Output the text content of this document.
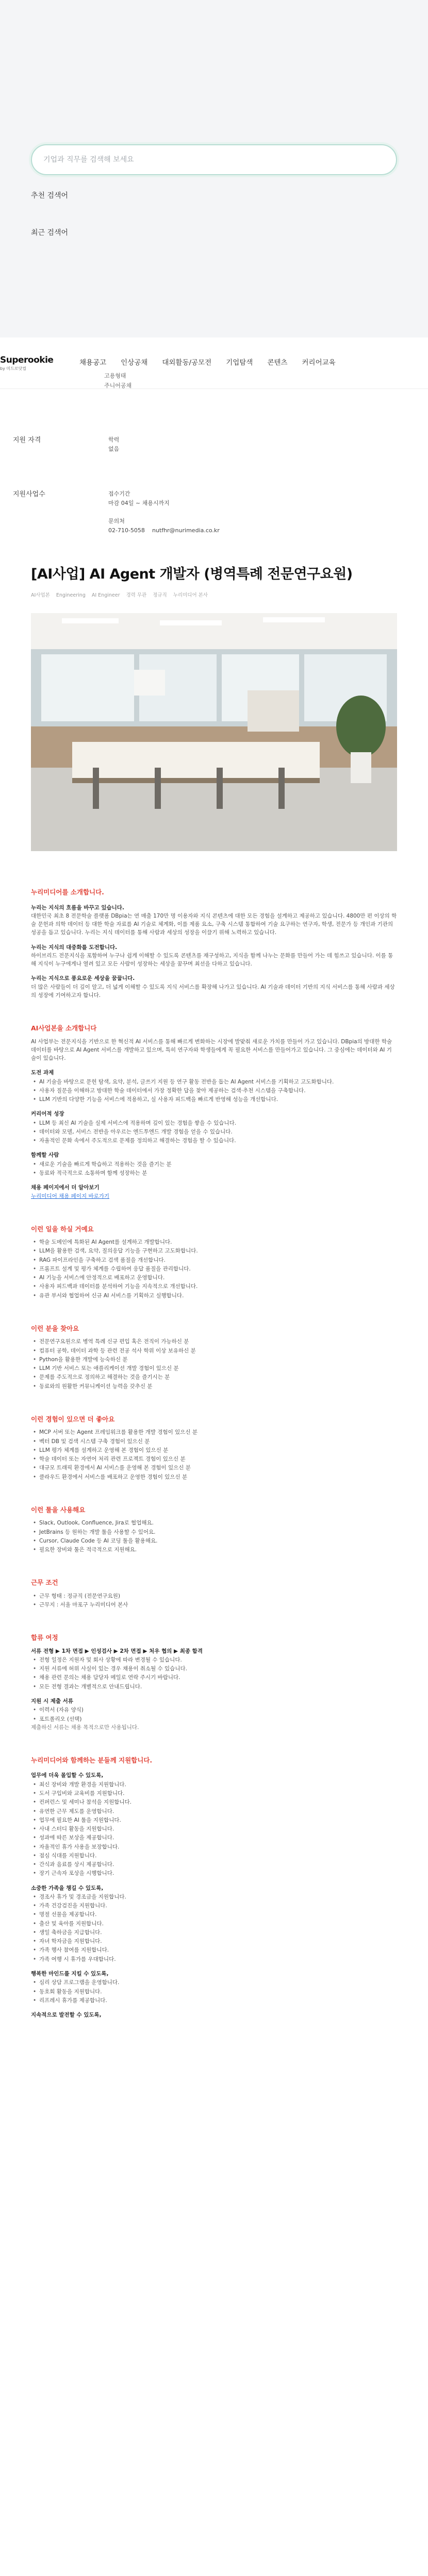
기업과 직무를 검색해 보세요
추천 검색어
최근 검색어
Superookie
by 미드로닷컴
채용공고	인상공채	대외활동/공모전	기업탐색	콘텐츠	커리어교육
고용형태
주니어공채
지원 자격	학력
없음
지원사업수	접수기간
마감 04일 ~ 채용시까지
문의처
02-710-5058 nutfhr@nurimedia.co.kr
[AI사업] AI Agent 개발자 (병역특례 전문연구요원)
AI사업본 Engineering AI Engineer 경력 무관 정규직 누리미디어 본사
누리미디어를 소개합니다.
누리는 지식의 흐름을 바꾸고 있습니다.

대한민국 최초 8 전문학술 플랫폼 DBpia는 연 매출 170만 명 이용자와 지식 콘텐츠에 대한 모든 경험을 설계하고 제공하고 있습니다. 4800만 편 이상의 학술 문헌과 의학 데이터 등 대한 학술 자료를 AI 기술로 체계화, 이를 제품 요소, 구축 시스템 통합하여 기술 요구하는 연구자, 학생, 전문가 등 개인과 기관의 성공을 돕고 있습니다. 누리는 지식 데이터를 통해 사람과 세상의 성장을 이끌기 위해 노력하고 있습니다.

누리는 지식의 대중화를 도전합니다.

하이브리드 전문지식을 포함하여 누구나 쉽게 이해할 수 있도록 콘텐츠를 재구성하고, 지식을 함께 나누는 문화를 만들어 가는 데 힘쓰고 있습니다. 이를 통해 지식이 누구에게나 열려 있고 모든 사람이 성장하는 세상을 꿈꾸며 최선을 다하고 있습니다.

누리는 지식으로 풍요로운 세상을 꿈꿉니다.

더 많은 사람들이 더 깊이 알고, 더 넓게 이해할 수 있도록 지식 서비스를 확장해 나가고 있습니다. AI 기술과 데이터 기반의 지식 서비스를 통해 사람과 세상의 성장에 기여하고자 합니다.

AI사업본을 소개합니다

AI 사업부는 전문지식을 기반으로 한 혁신적 AI 서비스를 통해 빠르게 변화하는 시장에 발맞춰 새로운 가치를 만들어 가고 있습니다. DBpia의 방대한 학술 데이터를 바탕으로 AI Agent 서비스를 개발하고 있으며, 특히 연구자와 학생들에게 꼭 필요한 서비스를 만들어가고 있습니다. 그 중심에는 데이터와 AI 기술이 있습니다.

도전 과제
• AI 기술을 바탕으로 문헌 탐색, 요약, 분석, 글쓰기 지원 등 연구 활동 전반을 돕는 AI Agent 서비스를 기획하고 고도화합니다.
• 사용자 질문을 이해하고 방대한 학술 데이터에서 가장 정확한 답을 찾아 제공하는 검색·추천 시스템을 구축합니다.
• LLM 기반의 다양한 기능을 서비스에 적용하고, 실 사용자 피드백을 빠르게 반영해 성능을 개선합니다.
커리어적 성장
• LLM 등 최신 AI 기술을 실제 서비스에 적용하며 깊이 있는 경험을 쌓을 수 있습니다.
• 데이터와 모델, 서비스 전반을 아우르는 엔드투엔드 개발 경험을 얻을 수 있습니다.
• 자율적인 문화 속에서 주도적으로 문제를 정의하고 해결하는 경험을 할 수 있습니다.
함께할 사람
• 새로운 기술을 빠르게 학습하고 적용하는 것을 즐기는 분
• 동료와 적극적으로 소통하며 함께 성장하는 분
채용 페이지에서 더 알아보기
누리미디어 채용 페이지 바로가기
이런 일을 하실 거예요
• 학술 도메인에 특화된 AI Agent를 설계하고 개발합니다.
• LLM을 활용한 검색, 요약, 질의응답 기능을 구현하고 고도화합니다.
• RAG 파이프라인을 구축하고 검색 품질을 개선합니다.
• 프롬프트 설계 및 평가 체계를 수립하여 응답 품질을 관리합니다.
• AI 기능을 서비스에 안정적으로 배포하고 운영합니다.
• 사용자 피드백과 데이터를 분석하여 기능을 지속적으로 개선합니다.
• 유관 부서와 협업하여 신규 AI 서비스를 기획하고 실행합니다.
이런 분을 찾아요
• 전문연구요원으로 병역 특례 신규 편입 혹은 전직이 가능하신 분
• 컴퓨터 공학, 데이터 과학 등 관련 전공 석사 학위 이상 보유하신 분
• Python을 활용한 개발에 능숙하신 분
• LLM 기반 서비스 또는 애플리케이션 개발 경험이 있으신 분
• 문제를 주도적으로 정의하고 해결하는 것을 즐기시는 분
• 동료와의 원활한 커뮤니케이션 능력을 갖추신 분
이런 경험이 있으면 더 좋아요
• MCP 서버 또는 Agent 프레임워크를 활용한 개발 경험이 있으신 분
• 벡터 DB 및 검색 시스템 구축 경험이 있으신 분
• LLM 평가 체계를 설계하고 운영해 본 경험이 있으신 분
• 학술 데이터 또는 자연어 처리 관련 프로젝트 경험이 있으신 분
• 대규모 트래픽 환경에서 AI 서비스를 운영해 본 경험이 있으신 분
• 클라우드 환경에서 서비스를 배포하고 운영한 경험이 있으신 분
이런 툴을 사용해요
• Slack, Outlook, Confluence, Jira로 협업해요.
• JetBrains 등 원하는 개발 툴을 사용할 수 있어요.
• Cursor, Claude Code 등 AI 코딩 툴을 활용해요.
• 필요한 장비와 툴은 적극적으로 지원해요.
근무 조건
• 근무 형태 : 정규직 (전문연구요원)
• 근무지 : 서울 마포구 누리미디어 본사
합류 여정
서류 전형 ▶ 1차 면접 ▶ 인성검사 ▶ 2차 면접 ▶ 처우 협의 ▶ 최종 합격
• 전형 일정은 지원자 및 회사 상황에 따라 변경될 수 있습니다.
• 지원 서류에 허위 사실이 있는 경우 채용이 취소될 수 있습니다.
• 채용 관련 문의는 채용 담당자 메일로 연락 주시기 바랍니다.
• 모든 전형 결과는 개별적으로 안내드립니다.
지원 시 제출 서류
• 이력서 (자유 양식)
• 포트폴리오 (선택)
제출하신 서류는 채용 목적으로만 사용됩니다.
누리미디어와 함께하는 분들께 지원합니다.
업무에 더욱 몰입할 수 있도록,
• 최신 장비와 개발 환경을 지원합니다.
• 도서 구입비와 교육비를 지원합니다.
• 컨퍼런스 및 세미나 참석을 지원합니다.
• 유연한 근무 제도를 운영합니다.
• 업무에 필요한 AI 툴을 지원합니다.
• 사내 스터디 활동을 지원합니다.
• 성과에 따른 보상을 제공합니다.
• 자율적인 휴가 사용을 보장합니다.
• 점심 식대를 지원합니다.
• 간식과 음료를 상시 제공합니다.
• 장기 근속자 포상을 시행합니다.
소중한 가족을 챙길 수 있도록,
• 경조사 휴가 및 경조금을 지원합니다.
• 가족 건강검진을 지원합니다.
• 명절 선물을 제공합니다.
• 출산 및 육아를 지원합니다.
• 생일 축하금을 지급합니다.
• 자녀 학자금을 지원합니다.
• 가족 행사 참여를 지원합니다.
• 가족 여행 시 휴가를 우대합니다.
행복한 마인드를 지킬 수 있도록,
• 심리 상담 프로그램을 운영합니다.
• 동호회 활동을 지원합니다.
• 리프레시 휴가를 제공합니다.
지속적으로 발전할 수 있도록,
